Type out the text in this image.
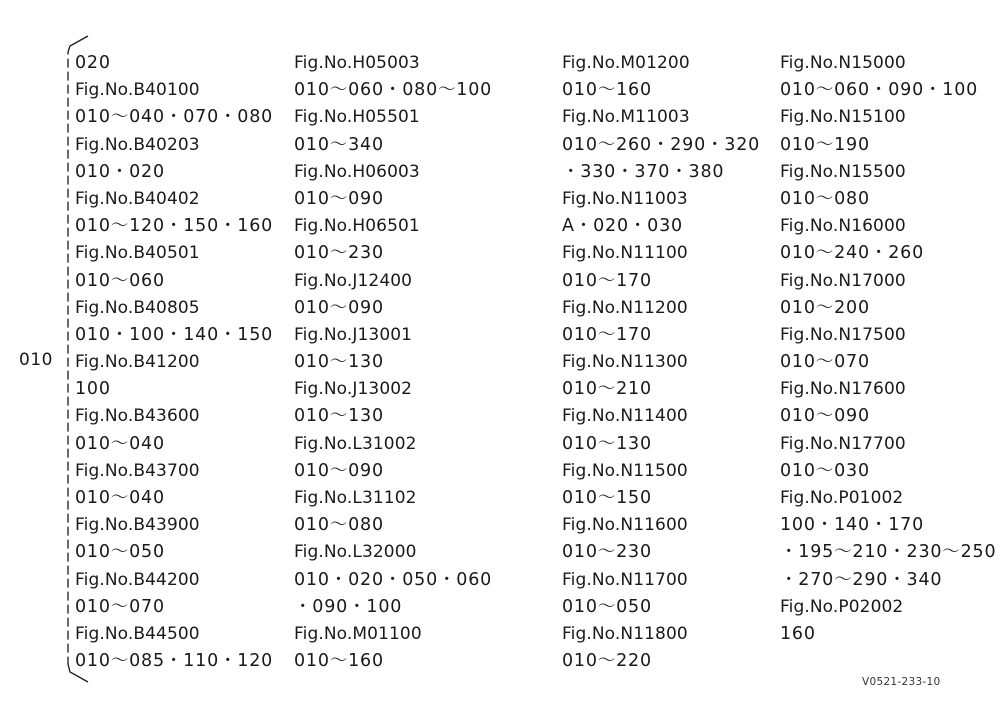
010
020
Fig.No.B40100
010～040・070・080
Fig.No.B40203
010・020
Fig.No.B40402
010～120・150・160
Fig.No.B40501
010～060
Fig.No.B40805
010・100・140・150
Fig.No.B41200
100
Fig.No.B43600
010～040
Fig.No.B43700
010～040
Fig.No.B43900
010～050
Fig.No.B44200
010～070
Fig.No.B44500
010～085・110・120
Fig.No.H05003
010～060・080～100
Fig.No.H05501
010～340
Fig.No.H06003
010～090
Fig.No.H06501
010～230
Fig.No.J12400
010～090
Fig.No.J13001
010～130
Fig.No.J13002
010～130
Fig.No.L31002
010～090
Fig.No.L31102
010～080
Fig.No.L32000
010・020・050・060
・090・100
Fig.No.M01100
010～160
Fig.No.M01200
010～160
Fig.No.M11003
010～260・290・320
・330・370・380
Fig.No.N11003
A・020・030
Fig.No.N11100
010～170
Fig.No.N11200
010～170
Fig.No.N11300
010～210
Fig.No.N11400
010～130
Fig.No.N11500
010～150
Fig.No.N11600
010～230
Fig.No.N11700
010～050
Fig.No.N11800
010～220
Fig.No.N15000
010～060・090・100
Fig.No.N15100
010～190
Fig.No.N15500
010～080
Fig.No.N16000
010～240・260
Fig.No.N17000
010～200
Fig.No.N17500
010～070
Fig.No.N17600
010～090
Fig.No.N17700
010～030
Fig.No.P01002
100・140・170
・195～210・230～250
・270～290・340
Fig.No.P02002
160
V0521-233-10
